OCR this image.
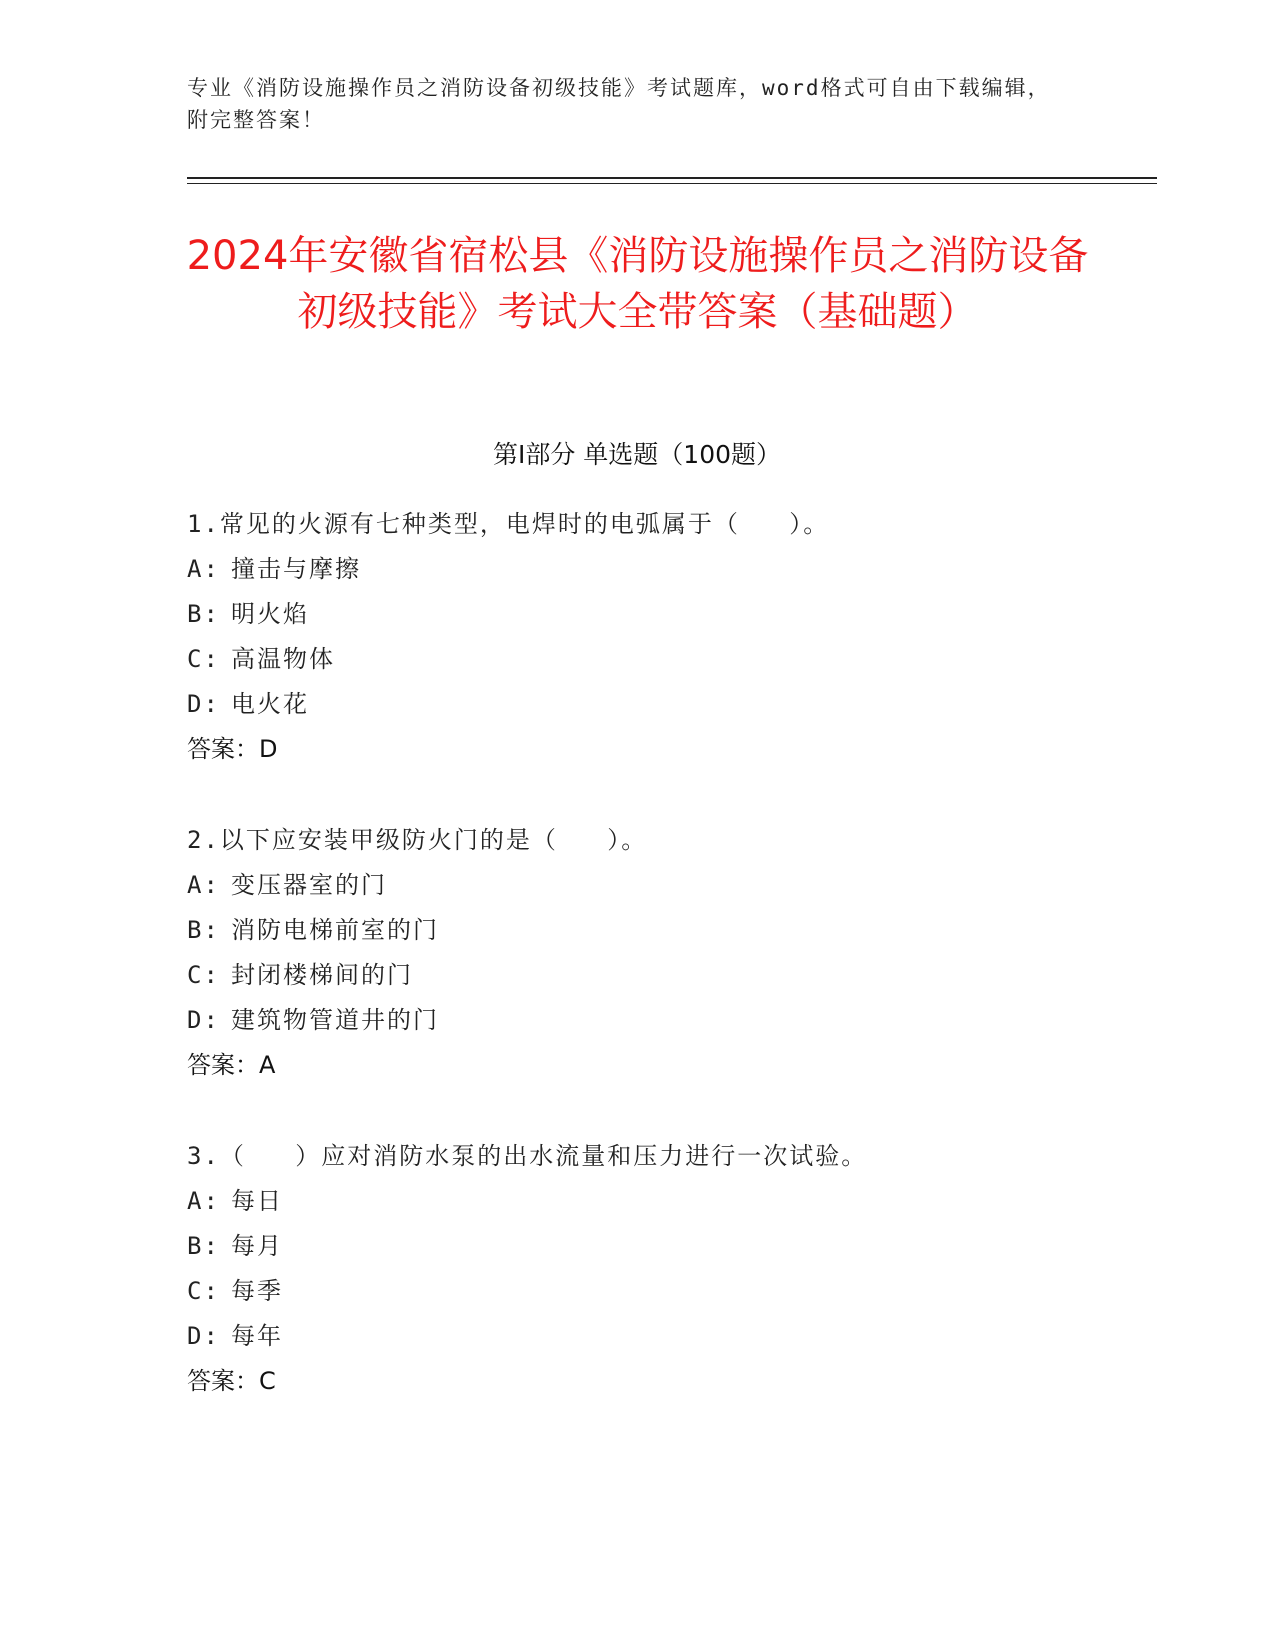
专业《消防设施操作员之消防设备初级技能》考试题库，word格式可自由下载编辑，附完整答案！
2024年安徽省宿松县《消防设施操作员之消防设备初级技能》考试大全带答案（基础题）
第I部分 单选题（100题）
1.常见的火源有七种类型，电焊时的电弧属于（   ）。
A: 撞击与摩擦
B: 明火焰
C: 高温物体
D: 电火花
答案：D
2.以下应安装甲级防火门的是（   ）。
A: 变压器室的门
B: 消防电梯前室的门
C: 封闭楼梯间的门
D: 建筑物管道井的门
答案：A
3.（   ）应对消防水泵的出水流量和压力进行一次试验。
A: 每日
B: 每月
C: 每季
D: 每年
答案：C
